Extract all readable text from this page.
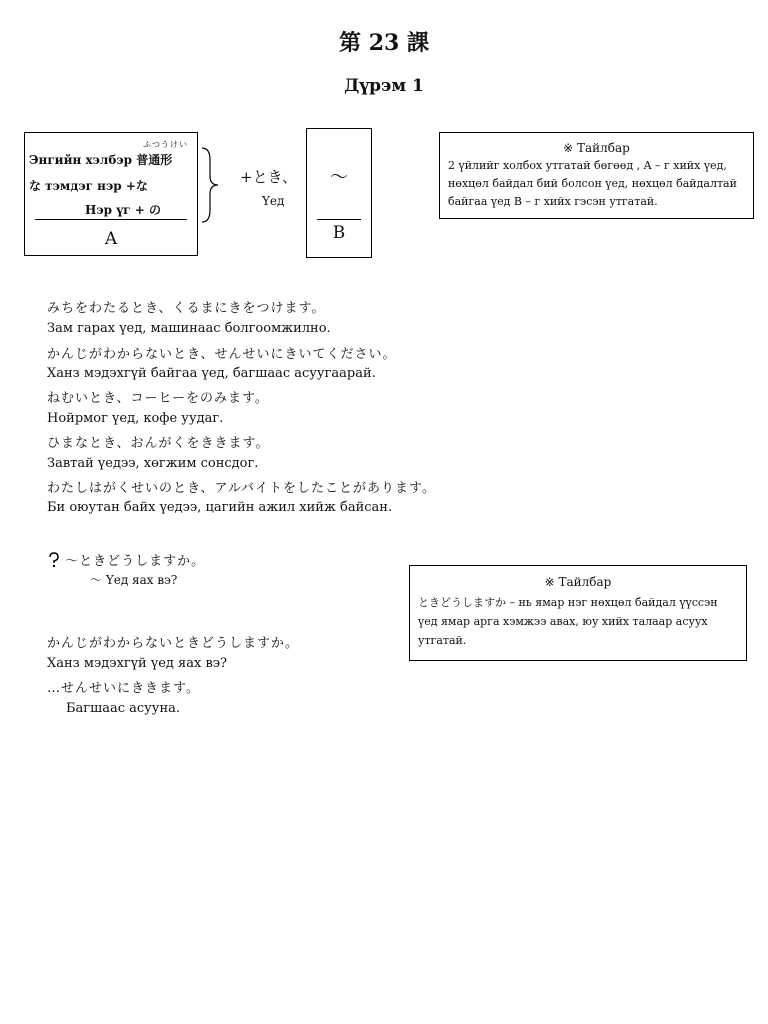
第 23 課
Дүрэм 1
ふつうけい
Энгийн хэлбэр 普通形
な тэмдэг нэр +な
Нэр үг + の
A
+とき、
Үед
～
B
※ Тайлбар
2 үйлийг холбох утгатай бөгөөд , A – г хийх үед, нөхцөл байдал бий болсон үед, нөхцөл байдалтай байгаа үед B – г хийх гэсэн утгатай.
みちをわたるとき、くるまにきをつけます。
Зам гарах үед, машинаас болгоомжилно.
かんじがわからないとき、せんせいにきいてください。
Ханз мэдэхгүй байгаа үед, багшаас асуугаарай.
ねむいとき、コーヒーをのみます。
Нойрмог үед, кофе уудаг.
ひまなとき、おんがくをききます。
Завтай үедээ, хөгжим сонсдог.
わたしはがくせいのとき、アルバイトをしたことがあります。
Би оюутан байх үедээ, цагийн ажил хийж байсан.
～ときどうしますか。
～ Үед яах вэ?	※ Тайлбар
ときどうしますか – нь ямар нэг нөхцөл байдал үүссэн үед ямар арга хэмжээ авах, юу хийх талаар асуух утгатай.
かんじがわからないときどうしますか。
Ханз мэдэхгүй үед яах вэ?
…せんせいにききます。
Багшаас асууна.
